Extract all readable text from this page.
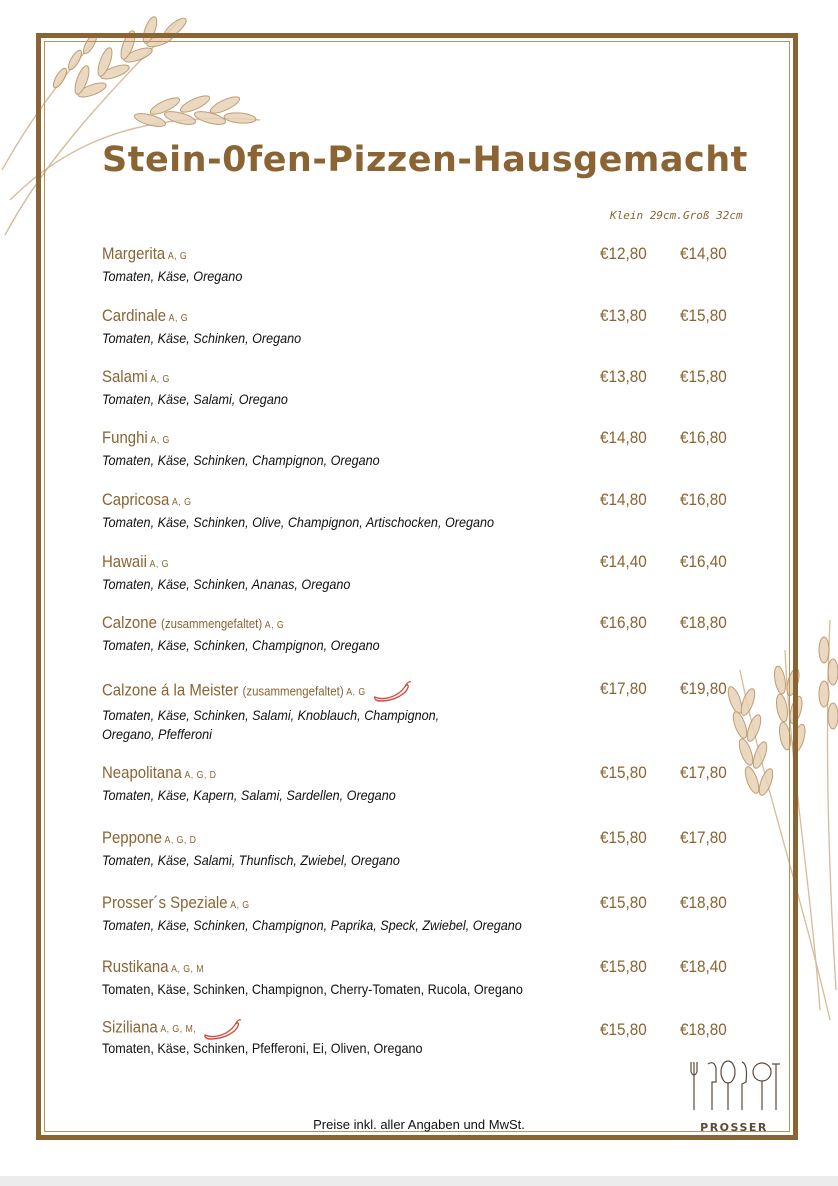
Stein-0fen-Pizzen-Hausgemacht
Klein 29cm. Groß 32cm
Margerita A, G
Tomaten, Käse, Oregano
€12,80 €14,80
Cardinale A, G
Tomaten, Käse, Schinken, Oregano
€13,80 €15,80
Salami A, G
Tomaten, Käse, Salami, Oregano
€13,80 €15,80
Funghi A, G
Tomaten, Käse, Schinken, Champignon, Oregano
€14,80 €16,80
Capricosa A, G
Tomaten, Käse, Schinken, Olive, Champignon, Artischocken, Oregano
€14,80 €16,80
Hawaii A, G
Tomaten, Käse, Schinken, Ananas, Oregano
€14,40 €16,40
Calzone (zusammengefaltet) A, G
Tomaten, Käse, Schinken, Champignon, Oregano
€16,80 €18,80
Calzone á la Meister (zusammengefaltet) A, G
Tomaten, Käse, Schinken, Salami, Knoblauch, Champignon,
Oregano, Pfefferoni
€17,80 €19,80
Neapolitana A, G, D
Tomaten, Käse, Kapern, Salami, Sardellen, Oregano
€15,80 €17,80
Peppone A, G, D
Tomaten, Käse, Salami, Thunfisch, Zwiebel, Oregano
€15,80 €17,80
Prosser´s Speziale A, G
Tomaten, Käse, Schinken, Champignon, Paprika, Speck, Zwiebel, Oregano
€15,80 €18,80
Rustikana A, G, M
Tomaten, Käse, Schinken, Champignon, Cherry-Tomaten, Rucola, Oregano
€15,80 €18,40
Siziliana A, G, M,
Tomaten, Käse, Schinken, Pfefferoni, Ei, Oliven, Oregano
€15,80 €18,80
Preise inkl. aller Angaben und MwSt.	PROSSER
PIZZERIA • DORFSTADL • APPARTMENTS
